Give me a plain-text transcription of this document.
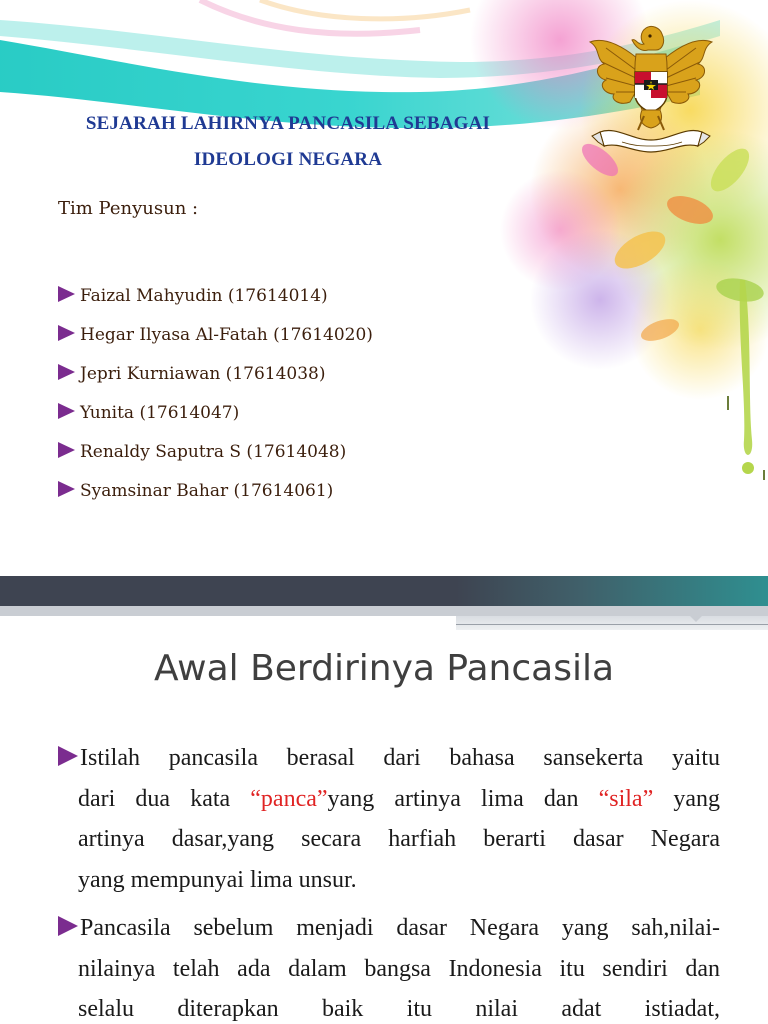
SEJARAH LAHIRNYA PANCASILA SEBAGAI
IDEOLOGI NEGARA
Tim Penyusun :
Faizal Mahyudin (17614014)
Hegar Ilyasa Al-Fatah (17614020)
Jepri Kurniawan (17614038)
Yunita (17614047)
Renaldy Saputra S (17614048)
Syamsinar Bahar (17614061)
Awal Berdirinya Pancasila
Istilah pancasila berasal dari bahasa sansekerta yaitu
dari dua kata “panca”yang artinya lima dan “sila” yang
artinya dasar,yang secara harfiah berarti dasar Negara
yang mempunyai lima unsur.
Pancasila sebelum menjadi dasar Negara yang sah,nilai-
nilainya telah ada dalam bangsa Indonesia itu sendiri dan
selalu diterapkan baik itu nilai adat istiadat,
